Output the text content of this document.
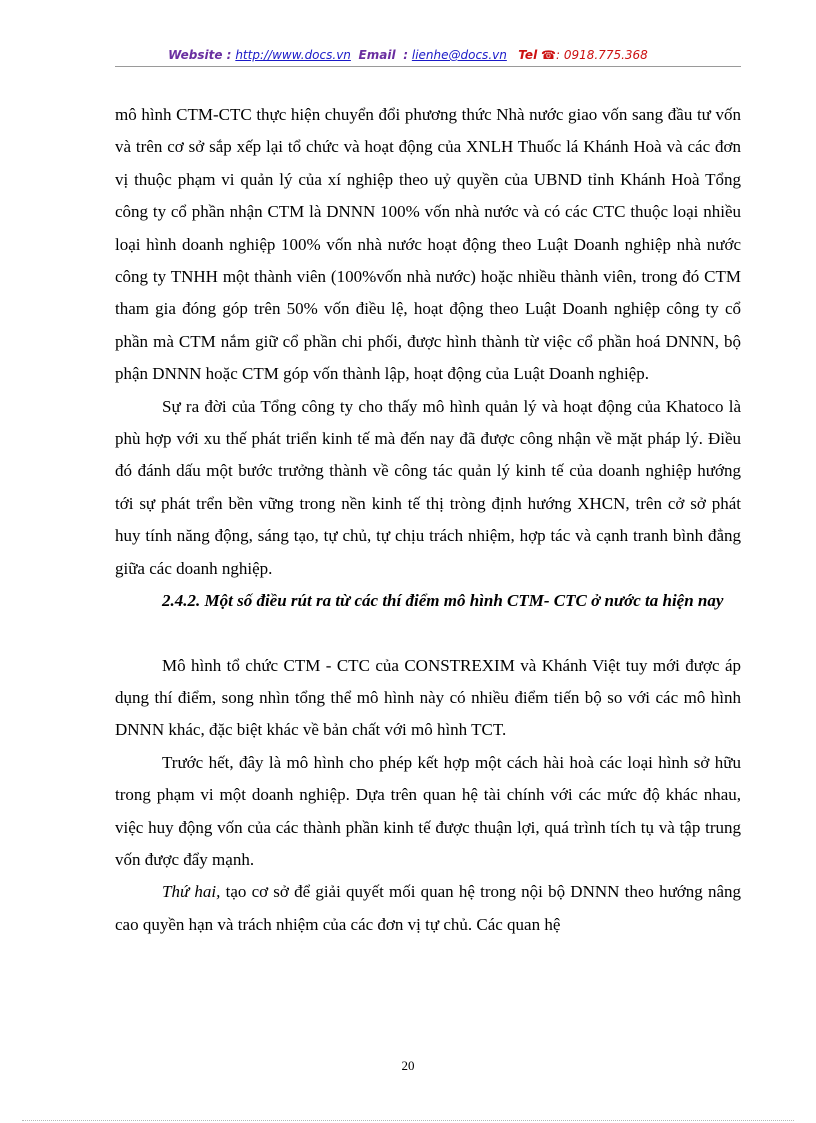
Website : http://www.docs.vn Email : lienhe@docs.vn Tel ☎: 0918.775.368

mô hình CTM-CTC thực hiện chuyển đổi phương thức Nhà nước giao vốn sang đầu tư vốn và trên cơ sở sắp xếp lại tổ chức và hoạt động của XNLH Thuốc lá Khánh Hoà và các đơn vị thuộc phạm vi quản lý của xí nghiệp theo uỷ quyền của UBND tỉnh Khánh Hoà Tổng công ty cổ phần nhận CTM là DNNN 100% vốn nhà nước và có các CTC thuộc loại nhiều loại hình doanh nghiệp 100% vốn nhà nước hoạt động theo Luật Doanh nghiệp nhà nước công ty TNHH một thành viên (100%vốn nhà nước) hoặc nhiều thành viên, trong đó CTM tham gia đóng góp trên 50% vốn điều lệ, hoạt động theo Luật Doanh nghiệp công ty cổ phần mà CTM nắm giữ cổ phần chi phối, được hình thành từ việc cổ phần hoá DNNN, bộ phận DNNN hoặc CTM góp vốn thành lập, hoạt động của Luật Doanh nghiệp.

Sự ra đời của Tổng công ty cho thấy mô hình quản lý và hoạt động của Khatoco là phù hợp với xu thế phát triển kinh tế mà đến nay đã được công nhận về mặt pháp lý. Điều đó đánh dấu một bước trưởng thành về công tác quản lý kinh tế của doanh nghiệp hướng tới sự phát trển bền vững trong nền kinh tế thị tròng định hướng XHCN, trên cở sở phát huy tính năng động, sáng tạo, tự chủ, tự chịu trách nhiệm, hợp tác và cạnh tranh bình đẳng giữa các doanh nghiệp.

2.4.2. Một số điều rút ra từ các thí điểm mô hình CTM- CTC ở nước ta hiện nay

Mô hình tổ chức CTM - CTC của CONSTREXIM và Khánh Việt tuy mới được áp dụng thí điểm, song nhìn tổng thể mô hình này có nhiều điểm tiến bộ so với các mô hình DNNN khác, đặc biệt khác về bản chất với mô hình TCT.

Trước hết, đây là mô hình cho phép kết hợp một cách hài hoà các loại hình sở hữu trong phạm vi một doanh nghiệp. Dựa trên quan hệ tài chính với các mức độ khác nhau, việc huy động vốn của các thành phần kinh tế được thuận lợi, quá trình tích tụ và tập trung vốn được đẩy mạnh.

Thứ hai, tạo cơ sở để giải quyết mối quan hệ trong nội bộ DNNN theo hướng nâng cao quyền hạn và trách nhiệm của các đơn vị tự chủ. Các quan hệ

20
